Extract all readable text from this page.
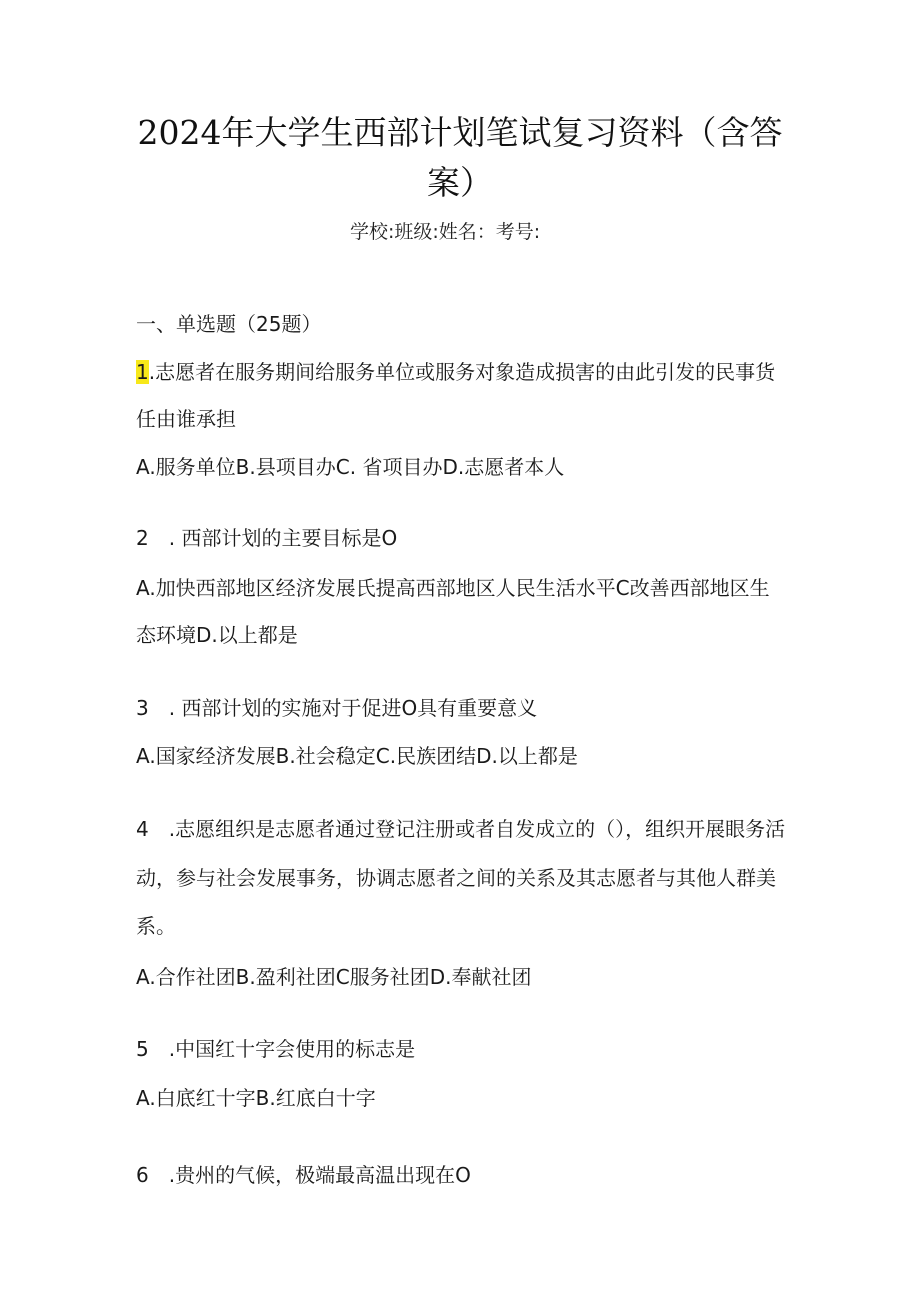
2024年大学生西部计划笔试复习资料（含答
案）
学校:班级:姓名：考号:
一、单选题（25题）
1.志愿者在服务期间给服务单位或服务对象造成损害的由此引发的民事货
任由谁承担
A.服务单位B.县项目办C. 省项目办D.志愿者本人
2　. 西部计划的主要目标是O
A.加快西部地区经济发展氏提高西部地区人民生活水平C改善西部地区生
态环境D.以上都是
3　. 西部计划的实施对于促进O具有重要意义
A.国家经济发展B.社会稳定C.民族团结D.以上都是
4　.志愿组织是志愿者通过登记注册或者自发成立的（），组织开展眼务活
动，参与社会发展事务，协调志愿者之间的关系及其志愿者与其他人群美
系。
A.合作社团B.盈利社团C服务社团D.奉献社团
5　.中国红十字会使用的标志是
A.白底红十字B.红底白十字
6　.贵州的气候，极端最高温出现在O
